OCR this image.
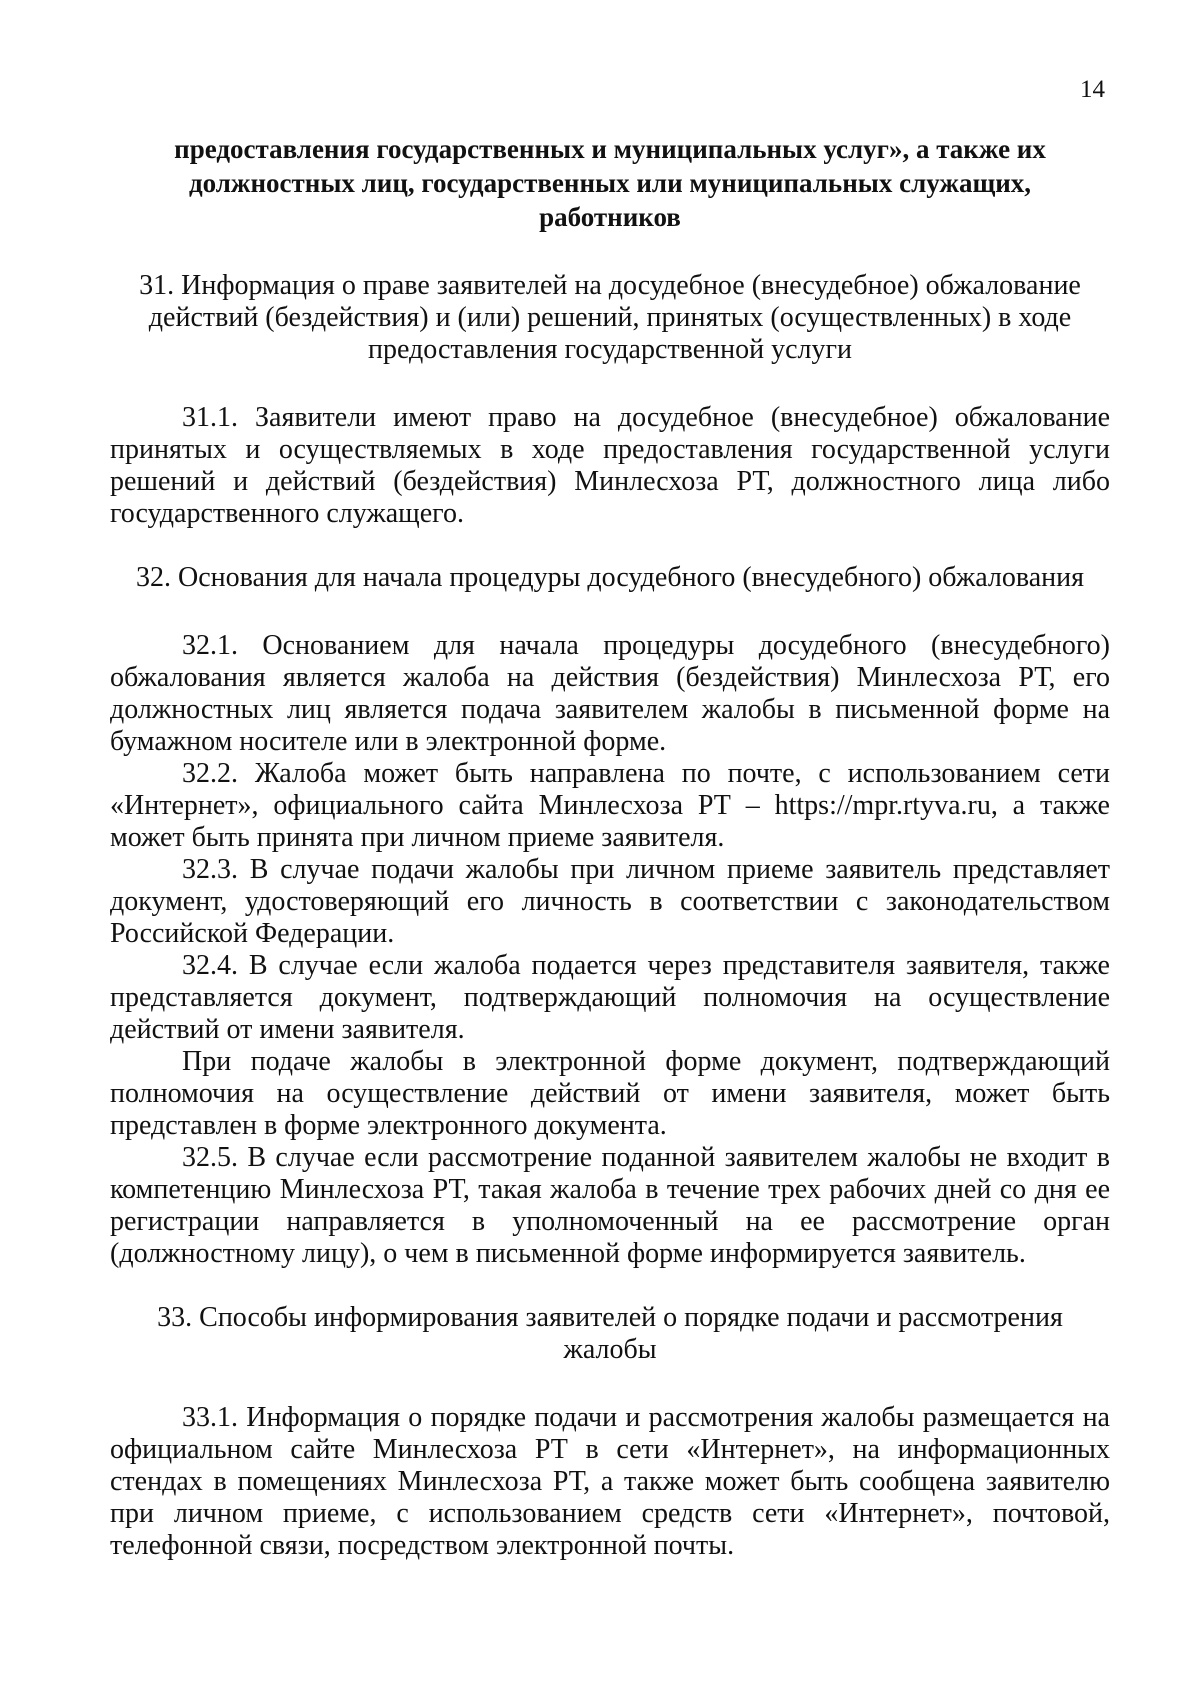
14
предоставления государственных и муниципальных услуг», а также их
должностных лиц, государственных или муниципальных служащих,
работников
31. Информация о праве заявителей на досудебное (внесудебное) обжалование
действий (бездействия) и (или) решений, принятых (осуществленных) в ходе
предоставления государственной услуги

31.1. Заявители имеют право на досудебное (внесудебное) обжалование принятых и осуществляемых в ходе предоставления государственной услуги решений и действий (бездействия) Минлесхоза РТ, должностного лица либо государственного служащего.

32. Основания для начала процедуры досудебного (внесудебного) обжалования

32.1. Основанием для начала процедуры досудебного (внесудебного) обжалования является жалоба на действия (бездействия) Минлесхоза РТ, его должностных лиц является подача заявителем жалобы в письменной форме на бумажном носителе или в электронной форме.

32.2. Жалоба может быть направлена по почте, с использованием сети «Интернет», официального сайта Минлесхоза РТ – https://mpr.rtyva.ru, а также может быть принята при личном приеме заявителя.

32.3. В случае подачи жалобы при личном приеме заявитель представляет документ, удостоверяющий его личность в соответствии с законодательством Российской Федерации.

32.4. В случае если жалоба подается через представителя заявителя, также представляется документ, подтверждающий полномочия на осуществление действий от имени заявителя.

При подаче жалобы в электронной форме документ, подтверждающий полномочия на осуществление действий от имени заявителя, может быть представлен в форме электронного документа.

32.5. В случае если рассмотрение поданной заявителем жалобы не входит в компетенцию Минлесхоза РТ, такая жалоба в течение трех рабочих дней со дня ее регистрации направляется в уполномоченный на ее рассмотрение орган (должностному лицу), о чем в письменной форме информируется заявитель.

33. Способы информирования заявителей о порядке подачи и рассмотрения
жалобы

33.1. Информация о порядке подачи и рассмотрения жалобы размещается на официальном сайте Минлесхоза РТ в сети «Интернет», на информационных стендах в помещениях Минлесхоза РТ, а также может быть сообщена заявителю при личном приеме, с использованием средств сети «Интернет», почтовой, телефонной связи, посредством электронной почты.
